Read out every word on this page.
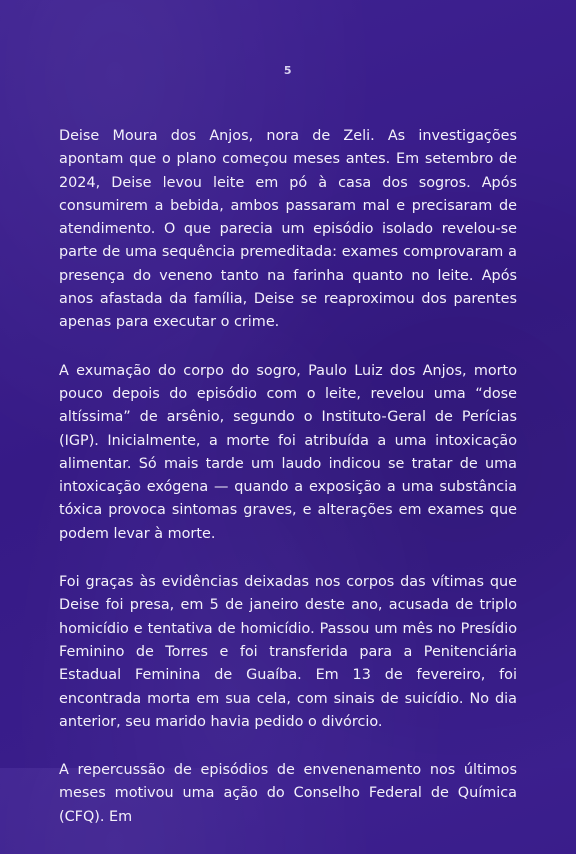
5

Deise Moura dos Anjos, nora de Zeli. As investigações apontam que o plano começou meses antes. Em setembro de 2024, Deise levou leite em pó à casa dos sogros. Após consumirem a bebida, ambos passaram mal e precisaram de atendimento. O que parecia um episódio isolado revelou-se parte de uma sequência premeditada: exames comprovaram a presença do veneno tanto na farinha quanto no leite. Após anos afastada da família, Deise se reaproximou dos parentes apenas para executar o crime.

A exumação do corpo do sogro, Paulo Luiz dos Anjos, morto pouco depois do episódio com o leite, revelou uma “dose altíssima” de arsênio, segundo o Instituto-Geral de Perícias (IGP). Inicialmente, a morte foi atribuída a uma intoxicação alimentar. Só mais tarde um laudo indicou se tratar de uma intoxicação exógena — quando a exposição a uma substância tóxica provoca sintomas graves, e alterações em exames que podem levar à morte.

Foi graças às evidências deixadas nos corpos das vítimas que Deise foi presa, em 5 de janeiro deste ano, acusada de triplo homicídio e tentativa de homicídio. Passou um mês no Presídio Feminino de Torres e foi transferida para a Penitenciária Estadual Feminina de Guaíba. Em 13 de fevereiro, foi encontrada morta em sua cela, com sinais de suicídio. No dia anterior, seu marido havia pedido o divórcio.

A repercussão de episódios de envenenamento nos últimos meses motivou uma ação do Conselho Federal de Química (CFQ). Em
